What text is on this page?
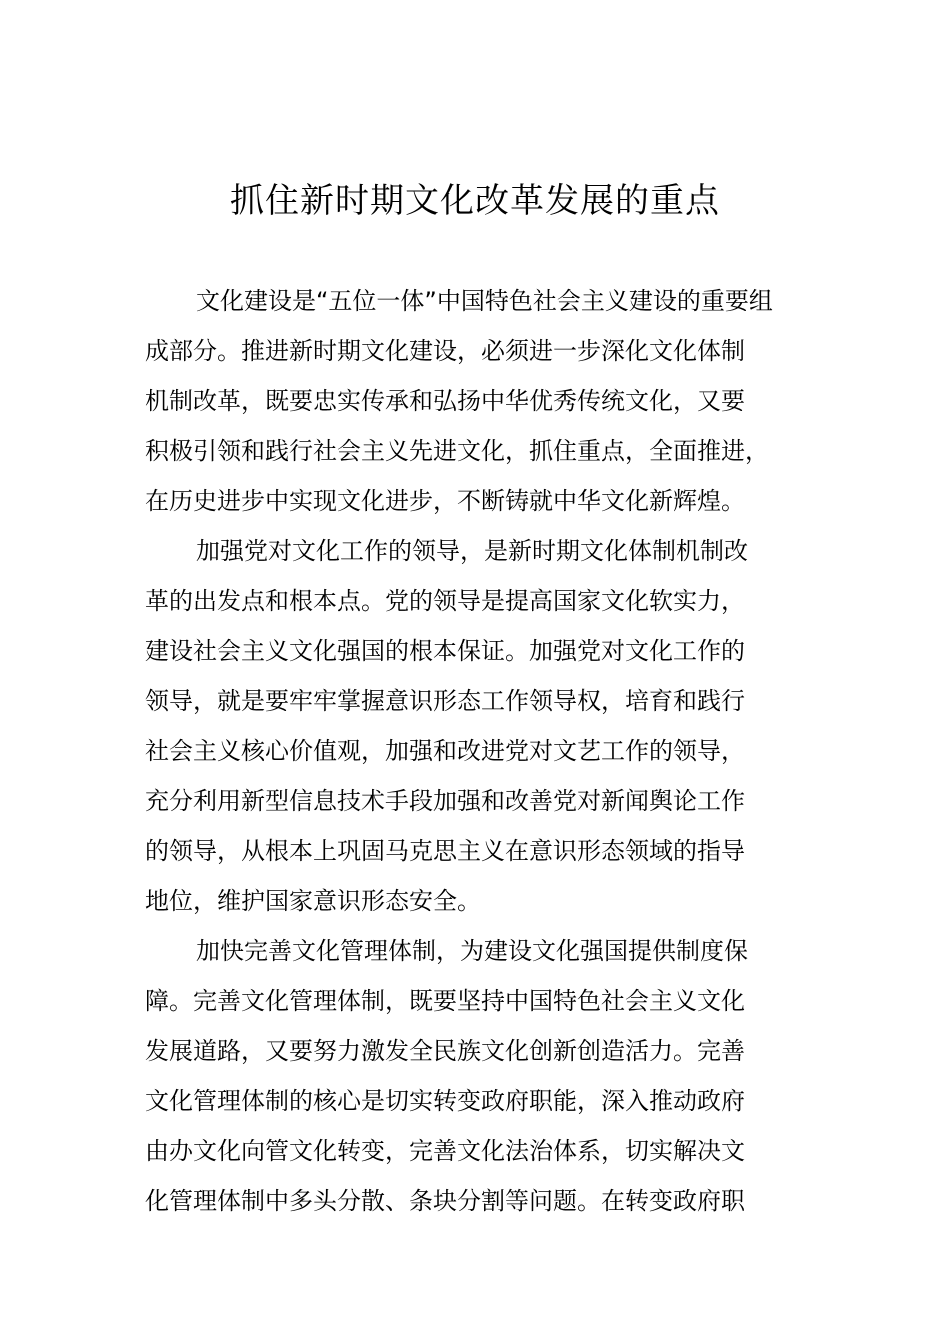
抓住新时期文化改革发展的重点
文化建设是“五位一体”中国特色社会主义建设的重要组
成部分。推进新时期文化建设，必须进一步深化文化体制
机制改革，既要忠实传承和弘扬中华优秀传统文化，又要
积极引领和践行社会主义先进文化，抓住重点，全面推进，
在历史进步中实现文化进步，不断铸就中华文化新辉煌。
加强党对文化工作的领导，是新时期文化体制机制改
革的出发点和根本点。党的领导是提高国家文化软实力，
建设社会主义文化强国的根本保证。加强党对文化工作的
领导，就是要牢牢掌握意识形态工作领导权，培育和践行
社会主义核心价值观，加强和改进党对文艺工作的领导，
充分利用新型信息技术手段加强和改善党对新闻舆论工作
的领导，从根本上巩固马克思主义在意识形态领域的指导
地位，维护国家意识形态安全。
加快完善文化管理体制，为建设文化强国提供制度保
障。完善文化管理体制，既要坚持中国特色社会主义文化
发展道路，又要努力激发全民族文化创新创造活力。完善
文化管理体制的核心是切实转变政府职能，深入推动政府
由办文化向管文化转变，完善文化法治体系，切实解决文
化管理体制中多头分散、条块分割等问题。在转变政府职
